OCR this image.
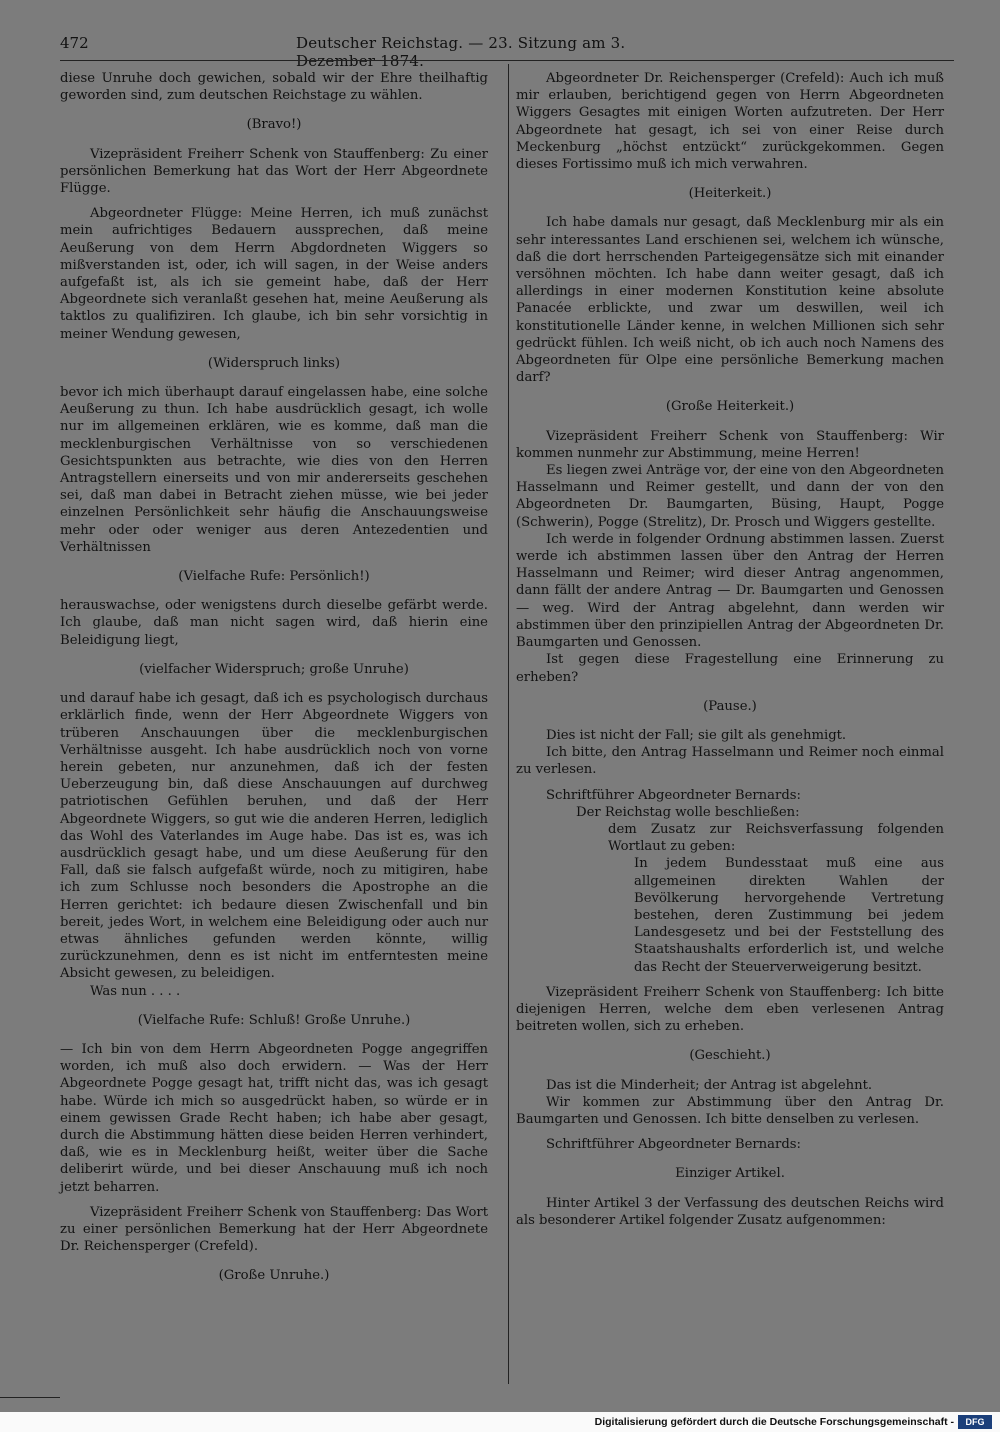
472	Deutscher Reichstag. — 23. Sitzung am 3. Dezember 1874.

diese Unruhe doch gewichen, sobald wir der Ehre theilhaftig geworden sind, zum deutschen Reichstage zu wählen.

(Bravo!)

Vizepräsident Freiherr Schenk von Stauffenberg: Zu einer persönlichen Bemerkung hat das Wort der Herr Abgeordnete Flügge.

Abgeordneter Flügge: Meine Herren, ich muß zunächst mein aufrichtiges Bedauern aussprechen, daß meine Aeußerung von dem Herrn Abgdordneten Wiggers so mißverstanden ist, oder, ich will sagen, in der Weise anders aufgefaßt ist, als ich sie gemeint habe, daß der Herr Abgeordnete sich veranlaßt gesehen hat, meine Aeußerung als taktlos zu qualifiziren. Ich glaube, ich bin sehr vorsichtig in meiner Wendung gewesen,

(Widerspruch links)

bevor ich mich überhaupt darauf eingelassen habe, eine solche Aeußerung zu thun. Ich habe ausdrücklich gesagt, ich wolle nur im allgemeinen erklären, wie es komme, daß man die mecklenburgischen Verhältnisse von so verschiedenen Gesichtspunkten aus betrachte, wie dies von den Herren Antragstellern einerseits und von mir andererseits geschehen sei, daß man dabei in Betracht ziehen müsse, wie bei jeder einzelnen Persönlichkeit sehr häufig die Anschauungsweise mehr oder oder weniger aus deren Antezedentien und Verhältnissen

(Vielfache Rufe: Persönlich!)

herauswachse, oder wenigstens durch dieselbe gefärbt werde. Ich glaube, daß man nicht sagen wird, daß hierin eine Beleidigung liegt,

(vielfacher Widerspruch; große Unruhe)

und darauf habe ich gesagt, daß ich es psychologisch durchaus erklärlich finde, wenn der Herr Abgeordnete Wiggers von trüberen Anschauungen über die mecklenburgischen Verhältnisse ausgeht. Ich habe ausdrücklich noch von vorne herein gebeten, nur anzunehmen, daß ich der festen Ueberzeugung bin, daß diese Anschauungen auf durchweg patriotischen Gefühlen beruhen, und daß der Herr Abgeordnete Wiggers, so gut wie die anderen Herren, lediglich das Wohl des Vaterlandes im Auge habe. Das ist es, was ich ausdrücklich gesagt habe, und um diese Aeußerung für den Fall, daß sie falsch aufgefaßt würde, noch zu mitigiren, habe ich zum Schlusse noch besonders die Apostrophe an die Herren gerichtet: ich bedaure diesen Zwischenfall und bin bereit, jedes Wort, in welchem eine Beleidigung oder auch nur etwas ähnliches gefunden werden könnte, willig zurückzunehmen, denn es ist nicht im entferntesten meine Absicht gewesen, zu beleidigen.

Was nun . . . .

(Vielfache Rufe: Schluß! Große Unruhe.)

— Ich bin von dem Herrn Abgeordneten Pogge angegriffen worden, ich muß also doch erwidern. — Was der Herr Abgeordnete Pogge gesagt hat, trifft nicht das, was ich gesagt habe. Würde ich mich so ausgedrückt haben, so würde er in einem gewissen Grade Recht haben; ich habe aber gesagt, durch die Abstimmung hätten diese beiden Herren verhindert, daß, wie es in Mecklenburg heißt, weiter über die Sache deliberirt würde, und bei dieser Anschauung muß ich noch jetzt beharren.

Vizepräsident Freiherr Schenk von Stauffenberg: Das Wort zu einer persönlichen Bemerkung hat der Herr Abgeordnete Dr. Reichensperger (Crefeld).

(Große Unruhe.)

Abgeordneter Dr. Reichensperger (Crefeld): Auch ich muß mir erlauben, berichtigend gegen von Herrn Abgeordneten Wiggers Gesagtes mit einigen Worten aufzutreten. Der Herr Abgeordnete hat gesagt, ich sei von einer Reise durch Meckenburg „höchst entzückt“ zurückgekommen. Gegen dieses Fortissimo muß ich mich verwahren.

(Heiterkeit.)

Ich habe damals nur gesagt, daß Mecklenburg mir als ein sehr interessantes Land erschienen sei, welchem ich wünsche, daß die dort herrschenden Parteigegensätze sich mit einander versöhnen möchten. Ich habe dann weiter gesagt, daß ich allerdings in einer modernen Konstitution keine absolute Panacée erblickte, und zwar um deswillen, weil ich konstitutionelle Länder kenne, in welchen Millionen sich sehr gedrückt fühlen. Ich weiß nicht, ob ich auch noch Namens des Abgeordneten für Olpe eine persönliche Bemerkung machen darf?

(Große Heiterkeit.)

Vizepräsident Freiherr Schenk von Stauffenberg: Wir kommen nunmehr zur Abstimmung, meine Herren!

Es liegen zwei Anträge vor, der eine von den Abgeordneten Hasselmann und Reimer gestellt, und dann der von den Abgeordneten Dr. Baumgarten, Büsing, Haupt, Pogge (Schwerin), Pogge (Strelitz), Dr. Prosch und Wiggers gestellte.

Ich werde in folgender Ordnung abstimmen lassen. Zuerst werde ich abstimmen lassen über den Antrag der Herren Hasselmann und Reimer; wird dieser Antrag angenommen, dann fällt der andere Antrag — Dr. Baumgarten und Genossen — weg. Wird der Antrag abgelehnt, dann werden wir abstimmen über den prinzipiellen Antrag der Abgeordneten Dr. Baumgarten und Genossen.

Ist gegen diese Fragestellung eine Erinnerung zu erheben?

(Pause.)

Dies ist nicht der Fall; sie gilt als genehmigt.

Ich bitte, den Antrag Hasselmann und Reimer noch einmal zu verlesen.

Schriftführer Abgeordneter Bernards:

Der Reichstag wolle beschließen:

dem Zusatz zur Reichsverfassung folgenden Wortlaut zu geben:

In jedem Bundesstaat muß eine aus allgemeinen direkten Wahlen der Bevölkerung hervorgehende Vertretung bestehen, deren Zustimmung bei jedem Landesgesetz und bei der Feststellung des Staatshaushalts erforderlich ist, und welche das Recht der Steuerverweigerung besitzt.

Vizepräsident Freiherr Schenk von Stauffenberg: Ich bitte diejenigen Herren, welche dem eben verlesenen Antrag beitreten wollen, sich zu erheben.

(Geschieht.)

Das ist die Minderheit; der Antrag ist abgelehnt.

Wir kommen zur Abstimmung über den Antrag Dr. Baumgarten und Genossen. Ich bitte denselben zu verlesen.

Schriftführer Abgeordneter Bernards:

Einziger Artikel.

Hinter Artikel 3 der Verfassung des deutschen Reichs wird als besonderer Artikel folgender Zusatz aufgenommen:

Digitalisierung gefördert durch die Deutsche Forschungsgemeinschaft -	DFG
